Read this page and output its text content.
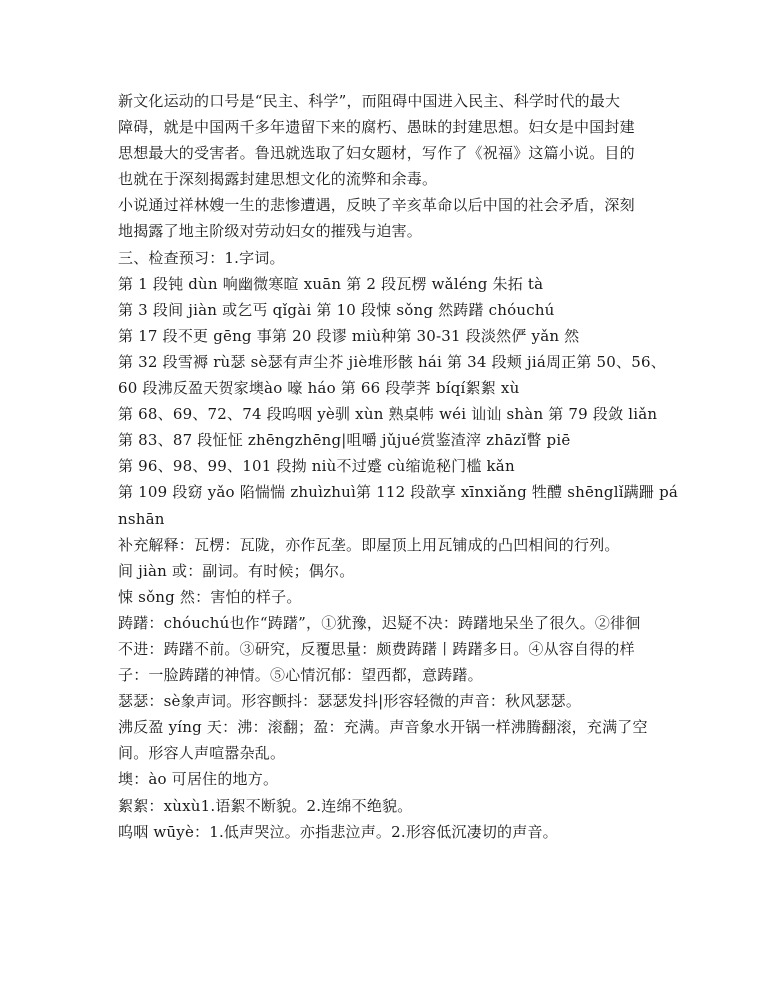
新文化运动的口号是“民主、科学”，而阻碍中国进入民主、科学时代的最大
障碍，就是中国两千多年遗留下来的腐朽、愚昧的封建思想。妇女是中国封建
思想最大的受害者。鲁迅就选取了妇女题材，写作了《祝福》这篇小说。目的
也就在于深刻揭露封建思想文化的流弊和余毒。
小说通过祥林嫂一生的悲惨遭遇，反映了辛亥革命以后中国的社会矛盾，深刻
地揭露了地主阶级对劳动妇女的摧残与迫害。
三、检查预习：1.字词。
第 1 段钝 dùn 响幽微寒暄 xuān 第 2 段瓦楞 wǎléng 朱拓 tà
第 3 段间 jiàn 或乞丐 qǐgài 第 10 段悚 sǒng 然踌躇 chóuchú
第 17 段不更 gēng 事第 20 段谬 miù种第 30-31 段淡然俨 yǎn 然
第 32 段雪褥 rù瑟 sè瑟有声尘芥 jiè堆形骸 hái 第 34 段颊 jiá周正第 50、56、
60 段沸反盈天贺家墺ào 嚎 háo 第 66 段荸荠 bíqí絮絮 xù
第 68、69、72、74 段呜咽 yè驯 xùn 熟桌帏 wéi 讪讪 shàn 第 79 段敛 liǎn
第 83、87 段怔怔 zhēngzhēng|咀嚼 jǔjué赏鉴渣滓 zhāzǐ瞥 piē
第 96、98、99、101 段拗 niù不过蹙 cù缩诡秘门槛 kǎn
第 109 段窈 yǎo 陷惴惴 zhuìzhuì第 112 段歆享 xīnxiǎng 牲醴 shēnglǐ蹒跚 pá
nshān
补充解释：瓦楞：瓦陇，亦作瓦垄。即屋顶上用瓦铺成的凸凹相间的行列。
间 jiàn 或：副词。有时候；偶尔。
悚 sǒng 然：害怕的样子。
踌躇：chóuchú也作“踌躇”，①犹豫，迟疑不决：踌躇地呆坐了很久。②徘徊
不进：踌躇不前。③研究，反覆思量：颇费踌躇丨踌躇多日。④从容自得的样
子：一脸踌躇的神情。⑤心情沉郁：望西都，意踌躇。
瑟瑟：sè象声词。形容颤抖：瑟瑟发抖|形容轻微的声音：秋风瑟瑟。
沸反盈 yíng 天：沸：滚翻；盈：充满。声音象水开锅一样沸腾翻滚，充满了空
间。形容人声喧嚣杂乱。
墺：ào 可居住的地方。
絮絮：xùxù1.语絮不断貌。2.连绵不绝貌。
呜咽 wūyè：1.低声哭泣。亦指悲泣声。2.形容低沉凄切的声音。
